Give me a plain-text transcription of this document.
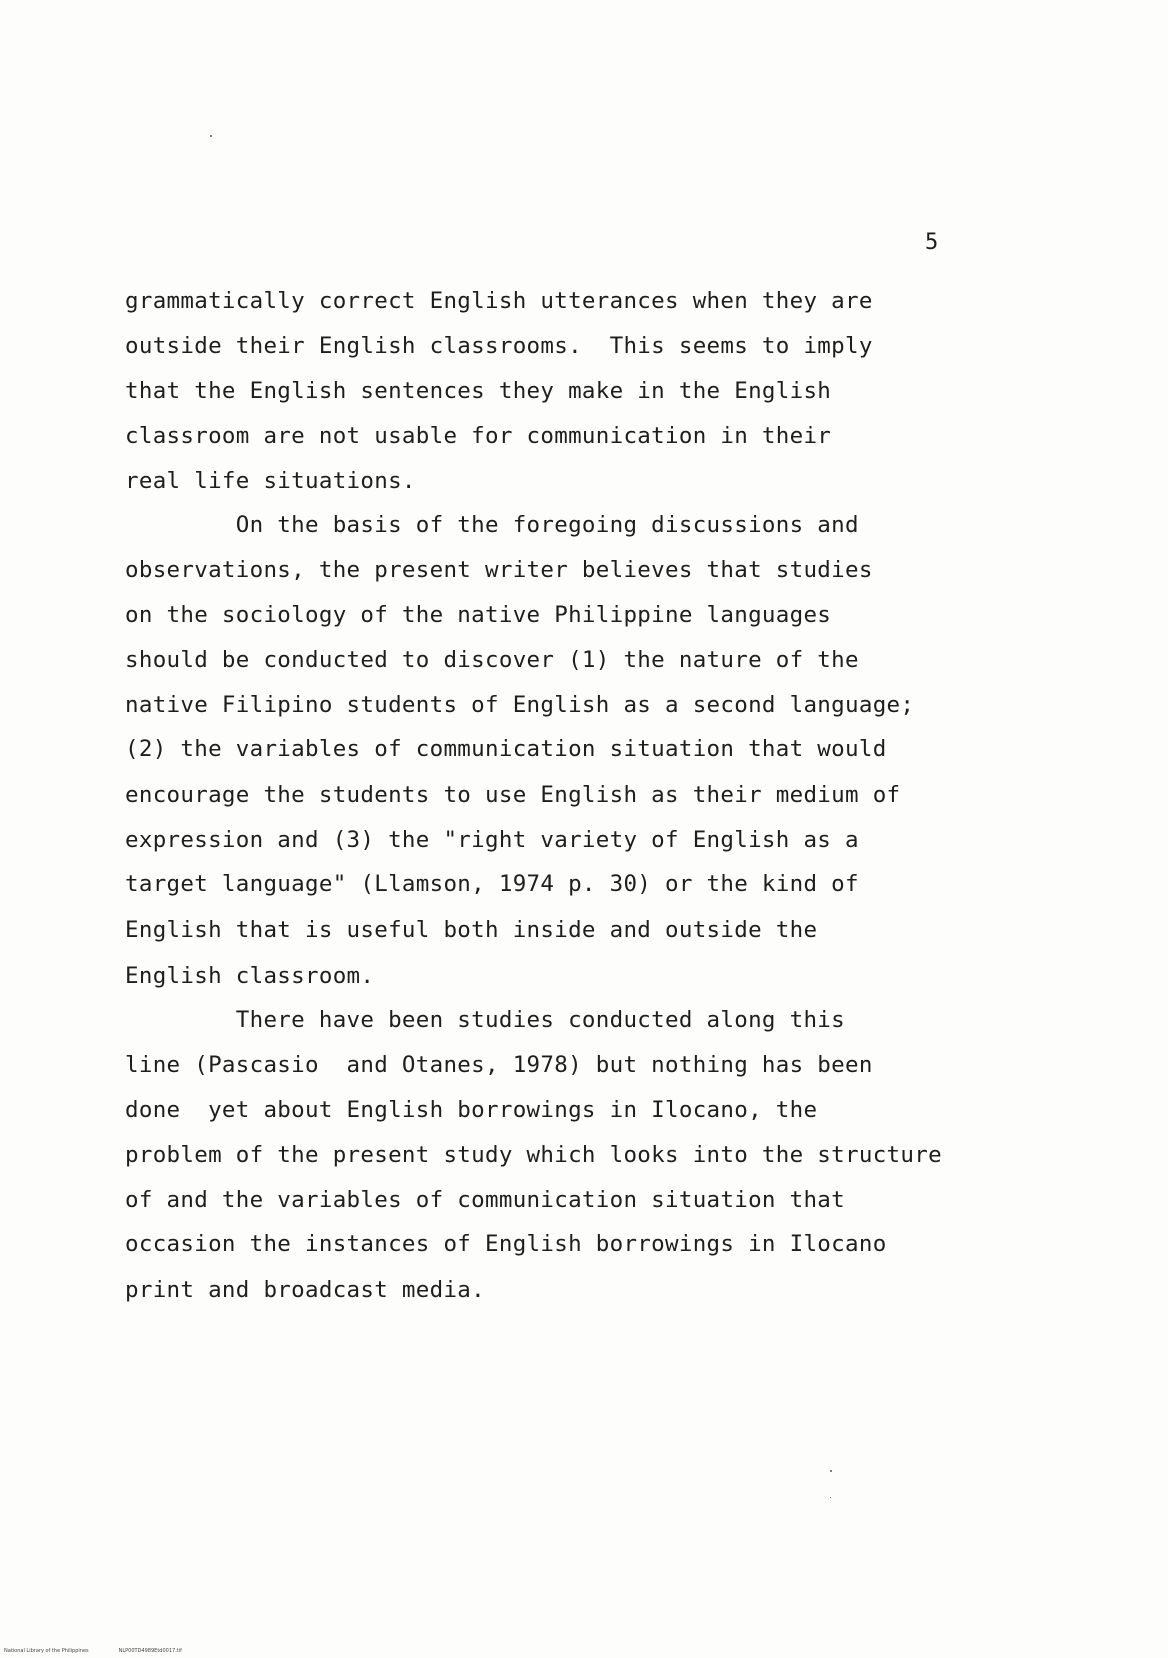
5
grammatically correct English utterances when they are
outside their English classrooms.  This seems to imply
that the English sentences they make in the English
classroom are not usable for communication in their
real life situations.
On the basis of the foregoing discussions and
observations, the present writer believes that studies
on the sociology of the native Philippine languages
should be conducted to discover (1) the nature of the
native Filipino students of English as a second language;
(2) the variables of communication situation that would
encourage the students to use English as their medium of
expression and (3) the "right variety of English as a
target language" (Llamson, 1974 p. 30) or the kind of
English that is useful both inside and outside the
English classroom.
There have been studies conducted along this
line (Pascasio  and Otanes, 1978) but nothing has been
done  yet about English borrowings in Ilocano, the
problem of the present study which looks into the structure
of and the variables of communication situation that
occasion the instances of English borrowings in Ilocano
print and broadcast media.
National Library of the Philippines	NLP00TD4989Etd0017.tif
